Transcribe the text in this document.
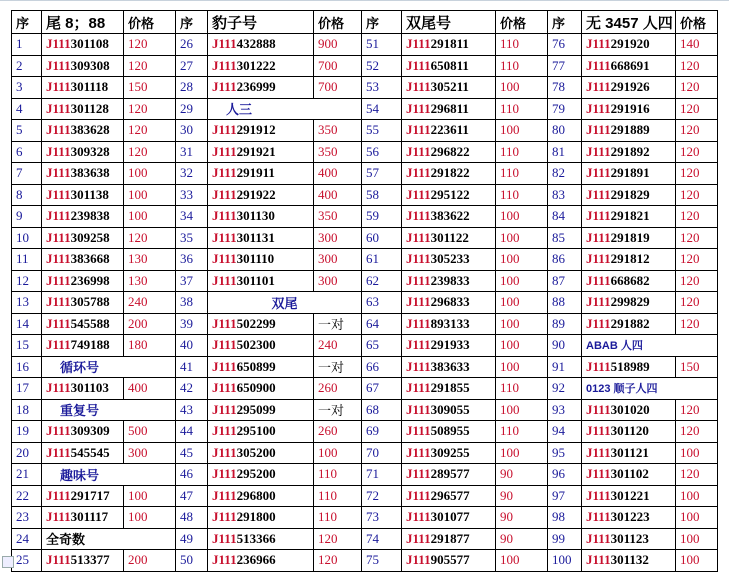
序	尾 8；88	价格	序	豹子号	价格	序	双尾号	价格	序	无 3457 人四	价格
1	J111301108	120	26	J111432888	900	51	J111291811	110	76	J111291920	140
2	J111309308	120	27	J111301222	700	52	J111650811	110	77	J111668691	120
3	J111301118	150	28	J111236999	700	53	J111305211	100	78	J111291926	120
4	J111301128	120	29	人三		54	J111296811	110	79	J111291916	120
5	J111383628	120	30	J111291912	350	55	J111223611	100	80	J111291889	120
6	J111309328	120	31	J111291921	350	56	J111296822	110	81	J111291892	120
7	J111383638	100	32	J111291911	400	57	J111291822	110	82	J111291891	120
8	J111301138	100	33	J111291922	400	58	J111295122	110	83	J111291829	120
9	J111239838	100	34	J111301130	350	59	J111383622	100	84	J111291821	120
10	J111309258	120	35	J111301131	300	60	J111301122	100	85	J111291819	120
11	J111383668	130	36	J111301110	300	61	J111305233	100	86	J111291812	120
12	J111236998	130	37	J111301101	300	62	J111239833	100	87	J111668682	120
13	J111305788	240	38	双尾		63	J111296833	100	88	J111299829	120
14	J111545588	200	39	J111502299	一对	64	J111893133	100	89	J111291882	120
15	J111749188	180	40	J111502300	240	65	J111291933	100	90	ABAB 人四	
16	循环号		41	J111650899	一对	66	J111383633	100	91	J111518989	150
17	J111301103	400	42	J111650900	260	67	J111291855	110	92	0123 顺子人四	
18	重复号		43	J111295099	一对	68	J111309055	100	93	J111301020	120
19	J111309309	500	44	J111295100	260	69	J111508955	110	94	J111301120	120
20	J111545545	300	45	J111305200	100	70	J111309255	100	95	J111301121	100
21	趣味号		46	J111295200	110	71	J111289577	90	96	J111301102	120
22	J111291717	100	47	J111296800	110	72	J111296577	90	97	J111301221	100
23	J111301117	100	48	J111291800	110	73	J111301077	90	98	J111301223	100
24	全奇数		49	J111513366	120	74	J111291877	90	99	J111301123	100
25	J111513377	200	50	J111236966	120	75	J111905577	100	100	J111301132	100
